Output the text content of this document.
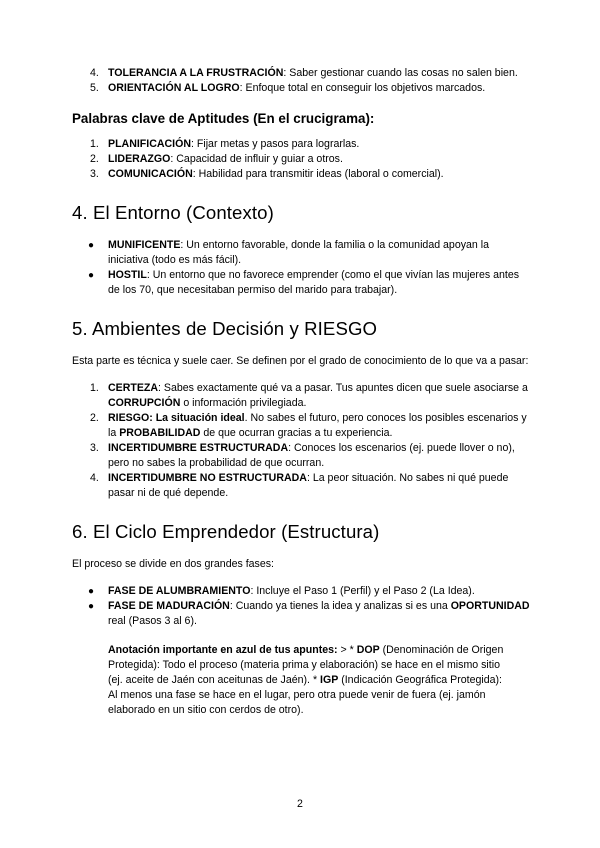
4. TOLERANCIA A LA FRUSTRACIÓN: Saber gestionar cuando las cosas no salen bien.
5. ORIENTACIÓN AL LOGRO: Enfoque total en conseguir los objetivos marcados.
Palabras clave de Aptitudes (En el crucigrama):
1. PLANIFICACIÓN: Fijar metas y pasos para lograrlas.
2. LIDERAZGO: Capacidad de influir y guiar a otros.
3. COMUNICACIÓN: Habilidad para transmitir ideas (laboral o comercial).
4. El Entorno (Contexto)
● MUNIFICENTE: Un entorno favorable, donde la familia o la comunidad apoyan la iniciativa (todo es más fácil).
● HOSTIL: Un entorno que no favorece emprender (como el que vivían las mujeres antes de los 70, que necesitaban permiso del marido para trabajar).
5. Ambientes de Decisión y RIESGO

Esta parte es técnica y suele caer. Se definen por el grado de conocimiento de lo que va a pasar:

1. CERTEZA: Sabes exactamente qué va a pasar. Tus apuntes dicen que suele asociarse a CORRUPCIÓN o información privilegiada.
2. RIESGO: La situación ideal. No sabes el futuro, pero conoces los posibles escenarios y la PROBABILIDAD de que ocurran gracias a tu experiencia.
3. INCERTIDUMBRE ESTRUCTURADA: Conoces los escenarios (ej. puede llover o no), pero no sabes la probabilidad de que ocurran.
4. INCERTIDUMBRE NO ESTRUCTURADA: La peor situación. No sabes ni qué puede pasar ni de qué depende.
6. El Ciclo Emprendedor (Estructura)

El proceso se divide en dos grandes fases:

● FASE DE ALUMBRAMIENTO: Incluye el Paso 1 (Perfil) y el Paso 2 (La Idea).
● FASE DE MADURACIÓN: Cuando ya tienes la idea y analizas si es una OPORTUNIDAD real (Pasos 3 al 6).
Anotación importante en azul de tus apuntes: > * DOP (Denominación de Origen Protegida): Todo el proceso (materia prima y elaboración) se hace en el mismo sitio (ej. aceite de Jaén con aceitunas de Jaén). * IGP (Indicación Geográfica Protegida): Al menos una fase se hace en el lugar, pero otra puede venir de fuera (ej. jamón elaborado en un sitio con cerdos de otro).
2
